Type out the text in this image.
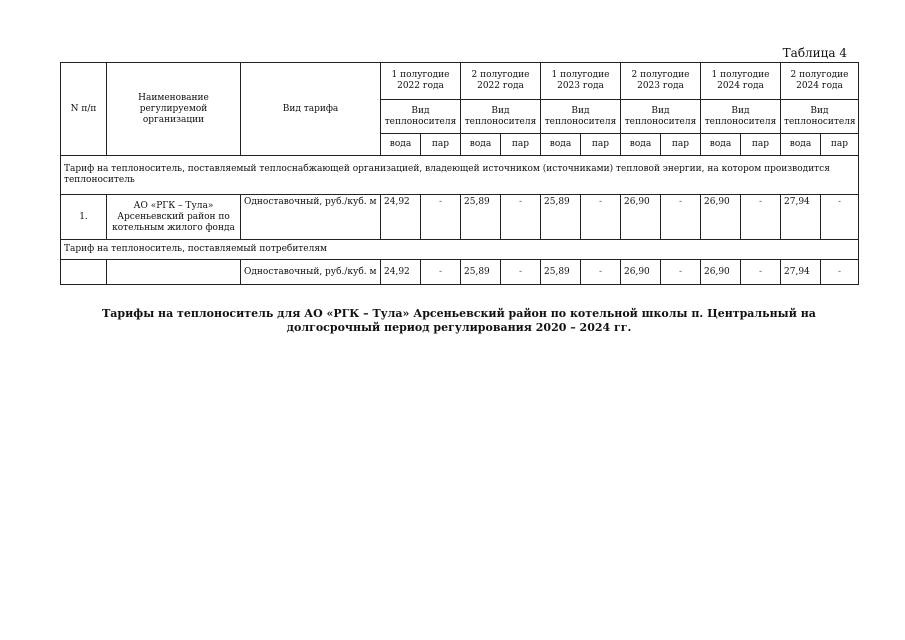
Таблица 4
N п/п	Наименование регулируемой организации	Вид тарифа	1 полугодие 2022 года		2 полугодие 2022 года		1 полугодие 2023 года		2 полугодие 2023 года		1 полугодие 2024 года		2 полугодие 2024 года	
			Вид теплоносителя		Вид теплоносителя		Вид теплоносителя		Вид теплоносителя		Вид теплоносителя		Вид теплоносителя	
			вода	пар	вода	пар	вода	пар	вода	пар	вода	пар	вода	пар
Тариф на теплоноситель, поставляемый теплоснабжающей организацией, владеющей источником (источниками) тепловой энергии, на котором производится теплоноситель														
1.	АО «РГК – Тула» Арсеньевский район по котельным жилого фонда	Одноставочный, руб./куб. м	24,92	-	25,89	-	25,89	-	26,90	-	26,90	-	27,94	-
Тариф на теплоноситель, поставляемый потребителям														
		Одноставочный, руб./куб. м	24,92	-	25,89	-	25,89	-	26,90	-	26,90	-	27,94	-
Тарифы на теплоноситель для АО «РГК – Тула» Арсеньевский район по котельной школы п. Центральный на долгосрочный период регулирования 2020 – 2024 гг.
